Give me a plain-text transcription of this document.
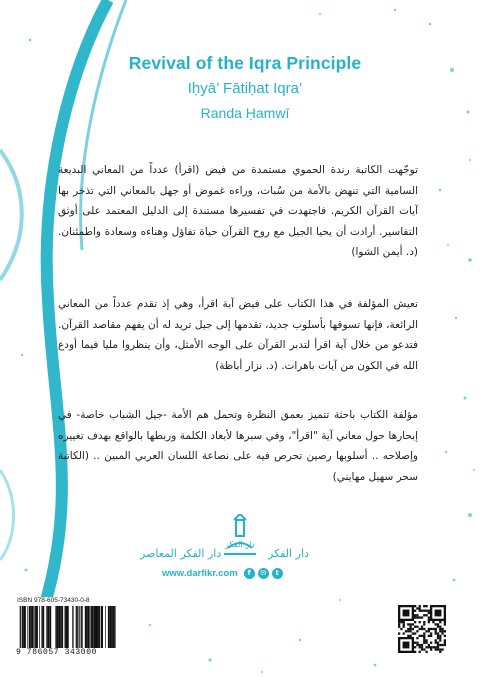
Revival of the Iqra Principle
Iḥyā’ Fātiḥat Iqra’
Randa Ḥamwī

توجّهت الكاتبة رندة الحموي مستمدة من فيض (اقرأ) عدداً من المعاني البديعة السامية التي تنهض بالأمة من سُبات، وراءه غموض أو جهل بالمعاني التي تذخر بها آيات القرآن الكريم. فاجتهدت في تفسيرها مستندة إلى الدليل المعتمد على أوثق التفاسير. أرادت أن يحيا الجيل مع روح القرآن حياة تفاؤل وهناءه وسعادة واطمئنان. (د. أيمن الشوا)

تعيش المؤلفة في هذا الكتاب على فيض آية اقرأ، وهي إذ تقدم عدداً من المعاني الرائعة، فإنها تسوقها بأسلوب جديد، تقدمها إلى جيل تريد له أن يفهم مقاصد القرآن. فتدعو من خلال آية اقرأ لتدبر القرآن على الوجه الأمثل، وأن ينظروا مليا فيما أودع الله في الكون من آيات باهرات. (د. نزار أباظة)

مؤلفة الكتاب باحثة تتميز بعمق النظرة وتحمل هم الأمة -جيل الشباب خاصة- في إبحارها حول معاني آية "اقرأ"، وفي سبرها لأبعاد الكلمة وربطها بالواقع بهدف تغييره وإصلاحه .. أسلوبها رصين تحرص فيه على نصاعة اللسان العربي المبين .. (الكاتبة سحر سهيل مهايني)

دار الفكر المعاصر
دار الفكر
دار الفكر
www.darfikr.com	f	✉	t
ISBN 978-605-73430-0-8
9 786057 343000
